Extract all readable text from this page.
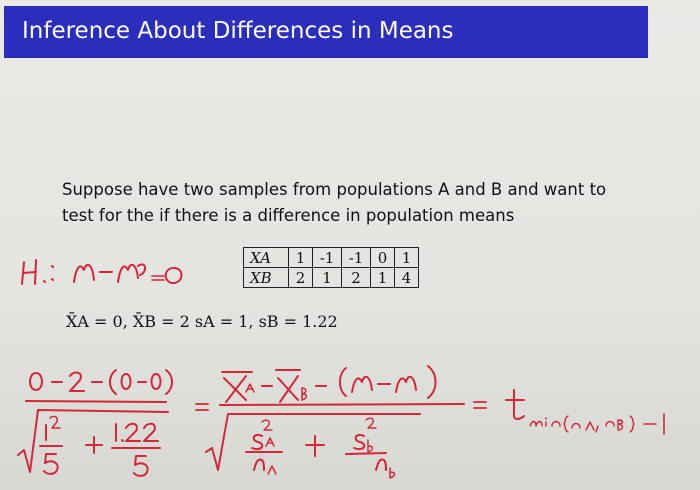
Inference About Differences in Means
Suppose have two samples from populations A and B and want to
test for the if there is a difference in population means
XA	1	-1	-1	0	1
XB	2	1	2	1	4
X̄A = 0, X̄B = 2 sA = 1, sB = 1.22
